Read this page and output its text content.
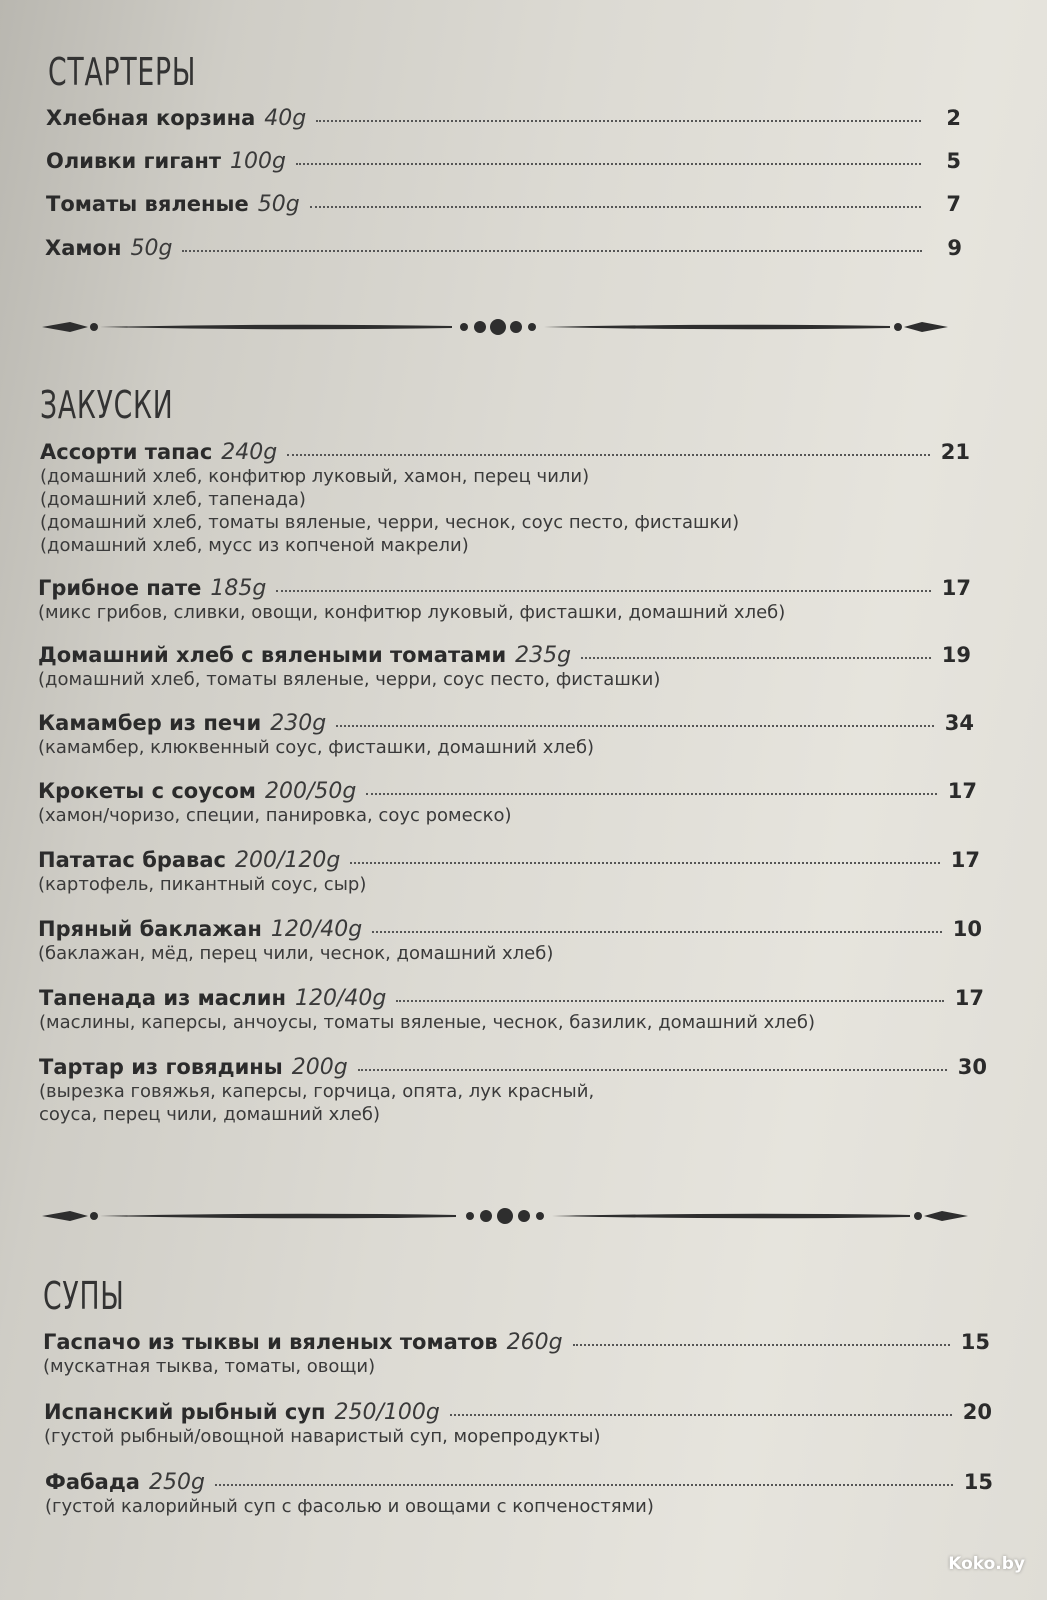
СТАРТЕРЫ
Хлебная корзина 40g	2
Оливки гигант 100g	5
Томаты вяленые 50g	7
Хамон 50g	9
ЗАКУСКИ
Ассорти тапас 240g	21
(домашний хлеб, конфитюр луковый, хамон, перец чили)
(домашний хлеб, тапенада)
(домашний хлеб, томаты вяленые, черри, чеснок, соус песто, фисташки)
(домашний хлеб, мусс из копченой макрели)
Грибное пате 185g	17
(микс грибов, сливки, овощи, конфитюр луковый, фисташки, домашний хлеб)
Домашний хлеб с вялеными томатами 235g	19
(домашний хлеб, томаты вяленые, черри, соус песто, фисташки)
Камамбер из печи 230g	34
(камамбер, клюквенный соус, фисташки, домашний хлеб)
Крокеты с соусом 200/50g	17
(хамон/чоризо, специи, панировка, соус ромеско)
Пататас бравас 200/120g	17
(картофель, пикантный соус, сыр)
Пряный баклажан 120/40g	10
(баклажан, мёд, перец чили, чеснок, домашний хлеб)
Тапенада из маслин 120/40g	17
(маслины, каперсы, анчоусы, томаты вяленые, чеснок, базилик, домашний хлеб)
Тартар из говядины 200g	30
(вырезка говяжья, каперсы, горчица, опята, лук красный,
соуса, перец чили, домашний хлеб)
СУПЫ
Гаспачо из тыквы и вяленых томатов 260g	15
(мускатная тыква, томаты, овощи)
Испанский рыбный суп 250/100g	20
(густой рыбный/овощной наваристый суп, морепродукты)
Фабада 250g	15
(густой калорийный суп с фасолью и овощами с копченостями)
Koko.by
